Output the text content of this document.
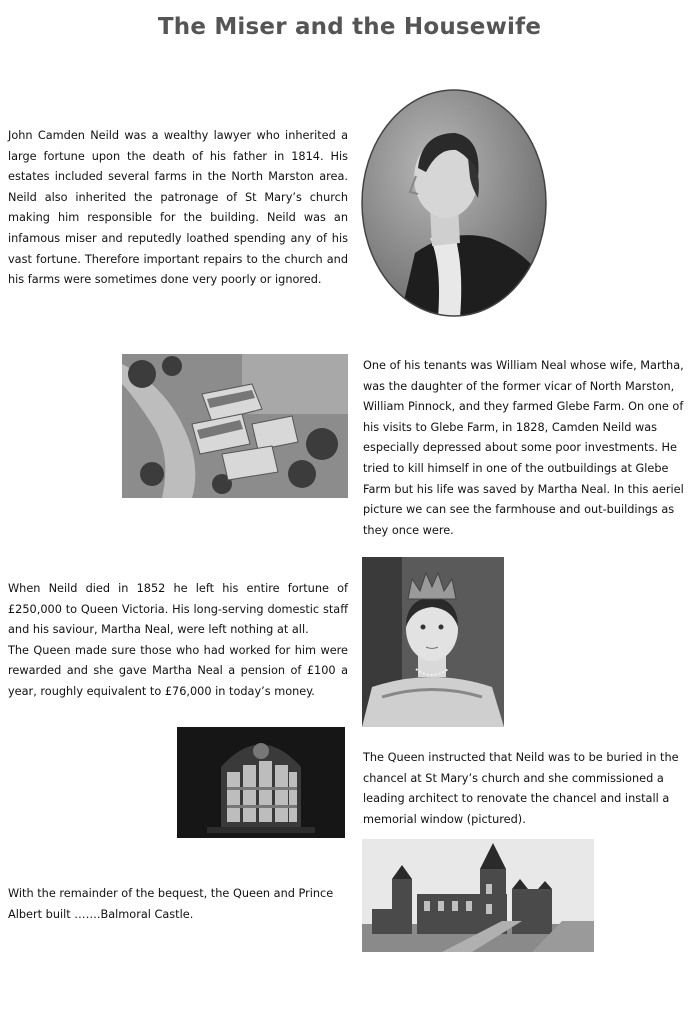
The Miser and the Housewife

John Camden Neild was a wealthy lawyer who inherited a large fortune upon the death of his father in 1814. His estates included several farms in the North Marston area. Neild also inherited the patronage of St Mary’s church making him responsible for the building. Neild was an infamous miser and reputedly loathed spending any of his vast fortune. Therefore important repairs to the church and his farms were sometimes done very poorly or ignored.

One of his tenants was William Neal whose wife, Martha, was the daughter of the former vicar of North Marston, William Pinnock, and they farmed Glebe Farm. On one of his visits to Glebe Farm, in 1828, Camden Neild was especially depressed about some poor investments. He tried to kill himself in one of the outbuildings at Glebe Farm but his life was saved by Martha Neal. In this aeriel picture we can see the farmhouse and out-buildings as they once were.

When Neild died in 1852 he left his entire fortune of £250,000 to Queen Victoria. His long-serving domestic staff and his saviour, Martha Neal, were left nothing at all.

The Queen made sure those who had worked for him were rewarded and she gave Martha Neal a pension of £100 a year, roughly equivalent to £76,000 in today’s money.

The Queen instructed that Neild was to be buried in the chancel at St Mary’s church and she commissioned a leading architect to renovate the chancel and install a memorial window (pictured).

With the remainder of the bequest, the Queen and Prince Albert built …….Balmoral Castle.
